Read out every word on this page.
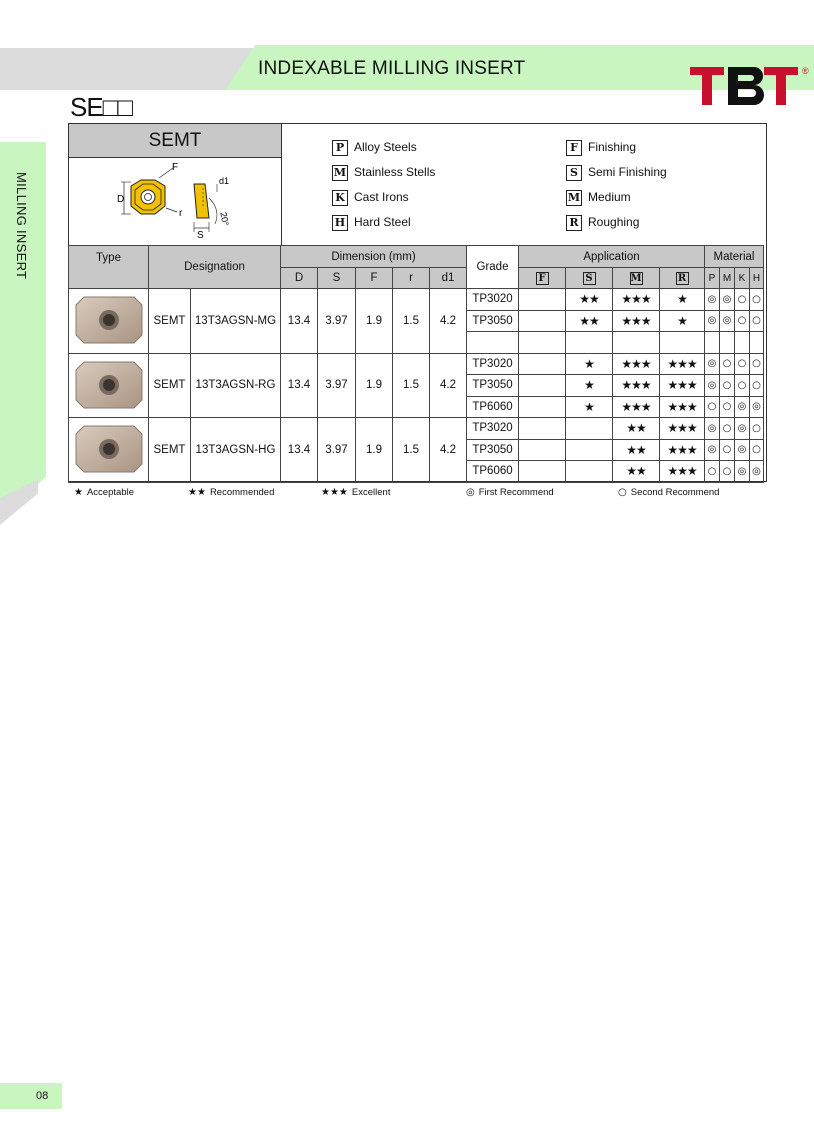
INDEXABLE MILLING INSERT	®
SE□□
MILLING INSERT
SEMT
D
F
r
d1
S
20°
P Alloy Steels
M Stainless Stells
K Cast Irons
H Hard Steel
F Finishing
S Semi Finishing
M Medium
R Roughing
Type	Designation		Dimension (mm)					Grade	Application				Material			
			D	S	F	r	d1		F	S	M	R	P	M	K	H
	SEMT	13T3AGSN-MG	13.4	3.97	1.9	1.5	4.2	TP3020		★★	★★★	★	◎	◎	○	○
								TP3050		★★	★★★	★	◎	◎	○	○

	SEMT	13T3AGSN-RG	13.4	3.97	1.9	1.5	4.2	TP3020		★	★★★	★★★	◎	○	○	○
								TP3050		★	★★★	★★★	◎	○	○	○
								TP6060		★	★★★	★★★	○	○	◎	◎
	SEMT	13T3AGSN-HG	13.4	3.97	1.9	1.5	4.2	TP3020			★★	★★★	◎	○	◎	○
								TP3050			★★	★★★	◎	○	◎	○
								TP6060			★★	★★★	○	○	◎	◎
★ Acceptable	★★ Recommended	★★★ Excellent	◎ First Recommend	○ Second Recommend
08
